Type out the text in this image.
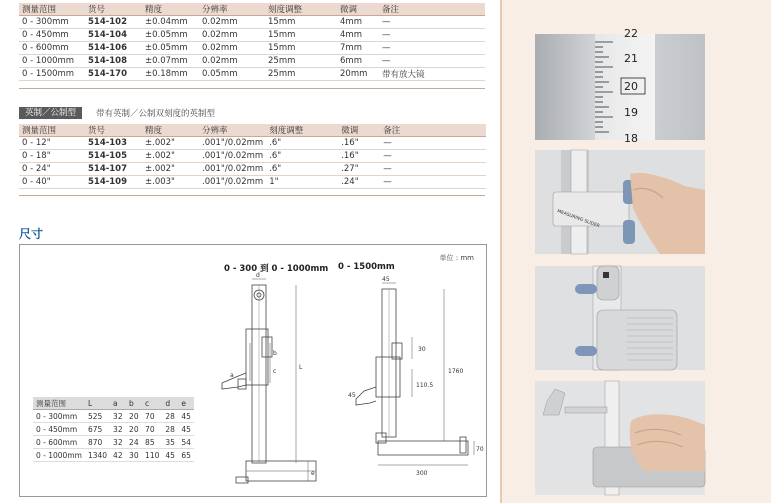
测量范围	货号	精度	分辨率	刻度调整	微调	备注
0 - 300mm	514-102	±0.04mm	0.02mm	15mm	4mm	—
0 - 450mm	514-104	±0.05mm	0.02mm	15mm	4mm	—
0 - 600mm	514-106	±0.05mm	0.02mm	15mm	7mm	—
0 - 1000mm	514-108	±0.07mm	0.02mm	25mm	6mm	—
0 - 1500mm	514-170	±0.18mm	0.05mm	25mm	20mm	带有放大镜
英制／公制型	带有英制／公制双刻度的英制型
测量范围	货号	精度	分辨率	刻度调整	微调	备注
0 - 12"	514-103	±.002"	.001"/0.02mm	.6"	.16"	—
0 - 18"	514-105	±.002"	.001"/0.02mm	.6"	.16"	—
0 - 24"	514-107	±.002"	.001"/0.02mm	.6"	.27"	—
0 - 40"	514-109	±.003"	.001"/0.02mm	1"	.24"	—
尺寸
单位 : mm
0 - 300 到 0 - 1000mm 0 - 1500mm
d
L
b
c
a
e
45
30
110.5
1760
45
300
70
测量范围	L	a	b	c	d	e
0 - 300mm	525	32	20	70	28	45
0 - 450mm	675	32	20	70	28	45
0 - 600mm	870	32	24	85	35	54
0 - 1000mm	1340	42	30	110	45	65
22
21
20
19
18
MEASURING SLIDER
